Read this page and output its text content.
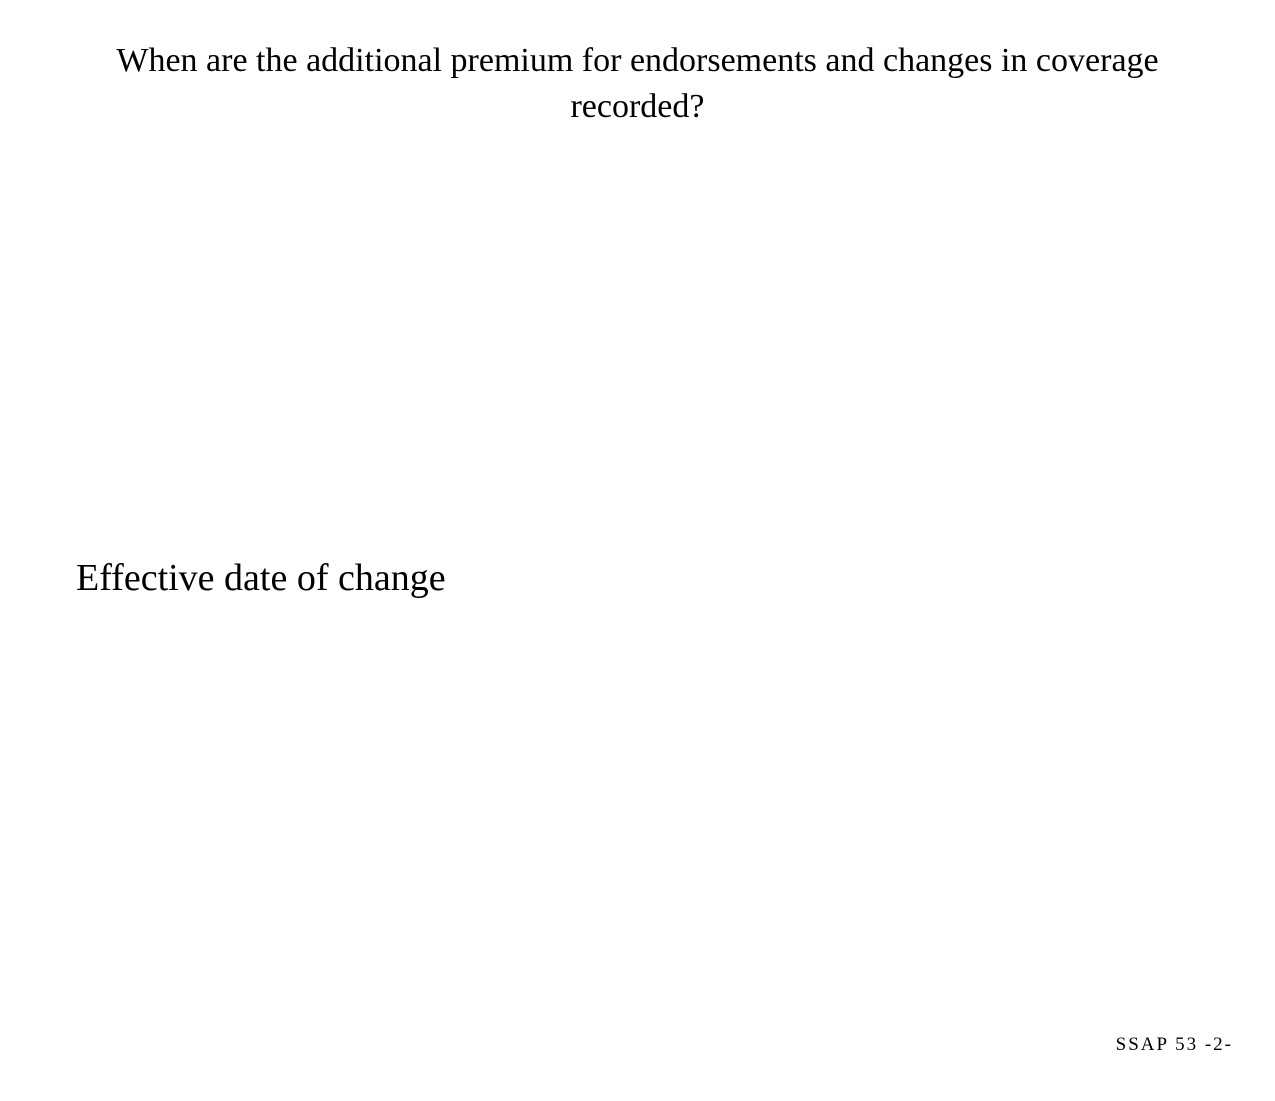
When are the additional premium for endorsements and changes in coverage recorded?

Effective date of change

SSAP 53 -2-
